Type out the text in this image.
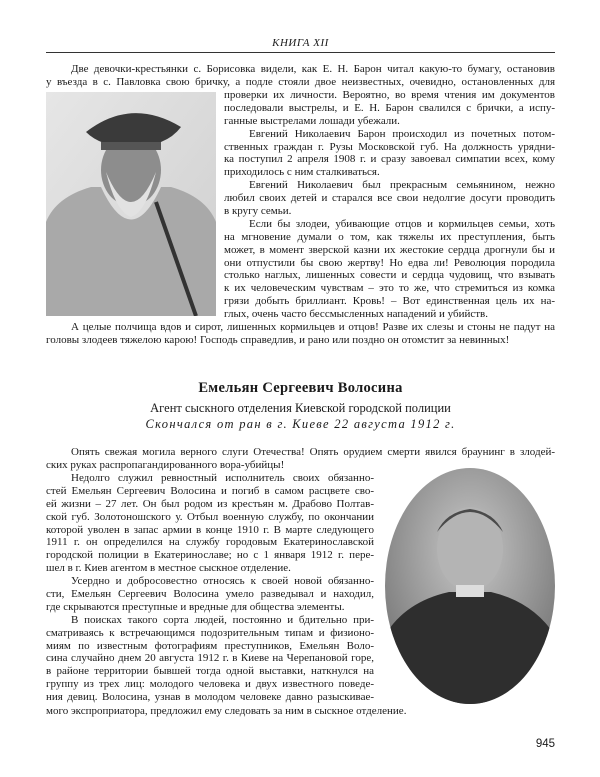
КНИГА XII
Две девочки-крестьянки с. Борисовка видели, как Е. Н. Барон читал какую-то бумагу, остановив
у въезда в с. Павловка свою бричку, а подле стояли двое неизвестных, очевидно, остановленных для
проверки их личности. Вероятно, во время чтения им документов
последовали выстрелы, и Е. Н. Барон свалился с брички, а испу-
ганные выстрелами лошади убежали.
Евгений Николаевич Барон происходил из почетных потом-
ственных граждан г. Рузы Московской губ. На должность урядни-
ка поступил 2 апреля 1908 г. и сразу завоевал симпатии всех, кому
приходилось с ним сталкиваться.
Евгений Николаевич был прекрасным семьянином, нежно
любил своих детей и старался все свои недолгие досуги проводить
в кругу семьи.
Если бы злодеи, убивающие отцов и кормильцев семьи, хоть
на мгновение думали о том, как тяжелы их преступления, быть
может, в момент зверской казни их жестокие сердца дрогнули бы и
они отпустили бы свою жертву! Но едва ли! Революция породила
столько наглых, лишенных совести и сердца чудовищ, что взывать
к их человеческим чувствам – это то же, что стремиться из комка
грязи добыть бриллиант. Кровь! – Вот единственная цель их на-
глых, очень часто бессмысленных нападений и убийств.
А целые полчища вдов и сирот, лишенных кормильцев и отцов! Разве их слезы и стоны не падут на
головы злодеев тяжелою карою! Господь справедлив, и рано или поздно он отомстит за невинных!
Емельян Сергеевич Волосина
Агент сыскного отделения Киевской городской полиции
Скончался от ран в г. Киеве 22 августа 1912 г.
Опять свежая могила верного слуги Отечества! Опять орудием смерти явился браунинг в злодей-
ских руках распропагандированного вора-убийцы!
Недолго служил ревностный исполнитель своих обязанно-
стей Емельян Сергеевич Волосина и погиб в самом расцвете сво-
ей жизни – 27 лет. Он был родом из крестьян м. Драбово Полтав-
ской губ. Золотоношского у. Отбыл военную службу, по окончании
которой уволен в запас армии в конце 1910 г. В марте следующего
1911 г. он определился на службу городовым Екатеринославской
городской полиции в Екатеринославе; но с 1 января 1912 г. пере-
шел в г. Киев агентом в местное сыскное отделение.
Усердно и добросовестно относясь к своей новой обязанно-
сти, Емельян Сергеевич Волосина умело разведывал и находил,
где скрываются преступные и вредные для общества элементы.
В поисках такого сорта людей, постоянно и бдительно при-
сматриваясь к встречающимся подозрительным типам и физионо-
миям по известным фотографиям преступников, Емельян Воло-
сина случайно днем 20 августа 1912 г. в Киеве на Черепановой горе,
в районе территории бывшей тогда одной выставки, наткнулся на
группу из трех лиц: молодого человека и двух известного поведе-
ния девиц. Волосина, узнав в молодом человеке давно разыскивае-
мого экспроприатора, предложил ему следовать за ним в сыскное отделение.
945
